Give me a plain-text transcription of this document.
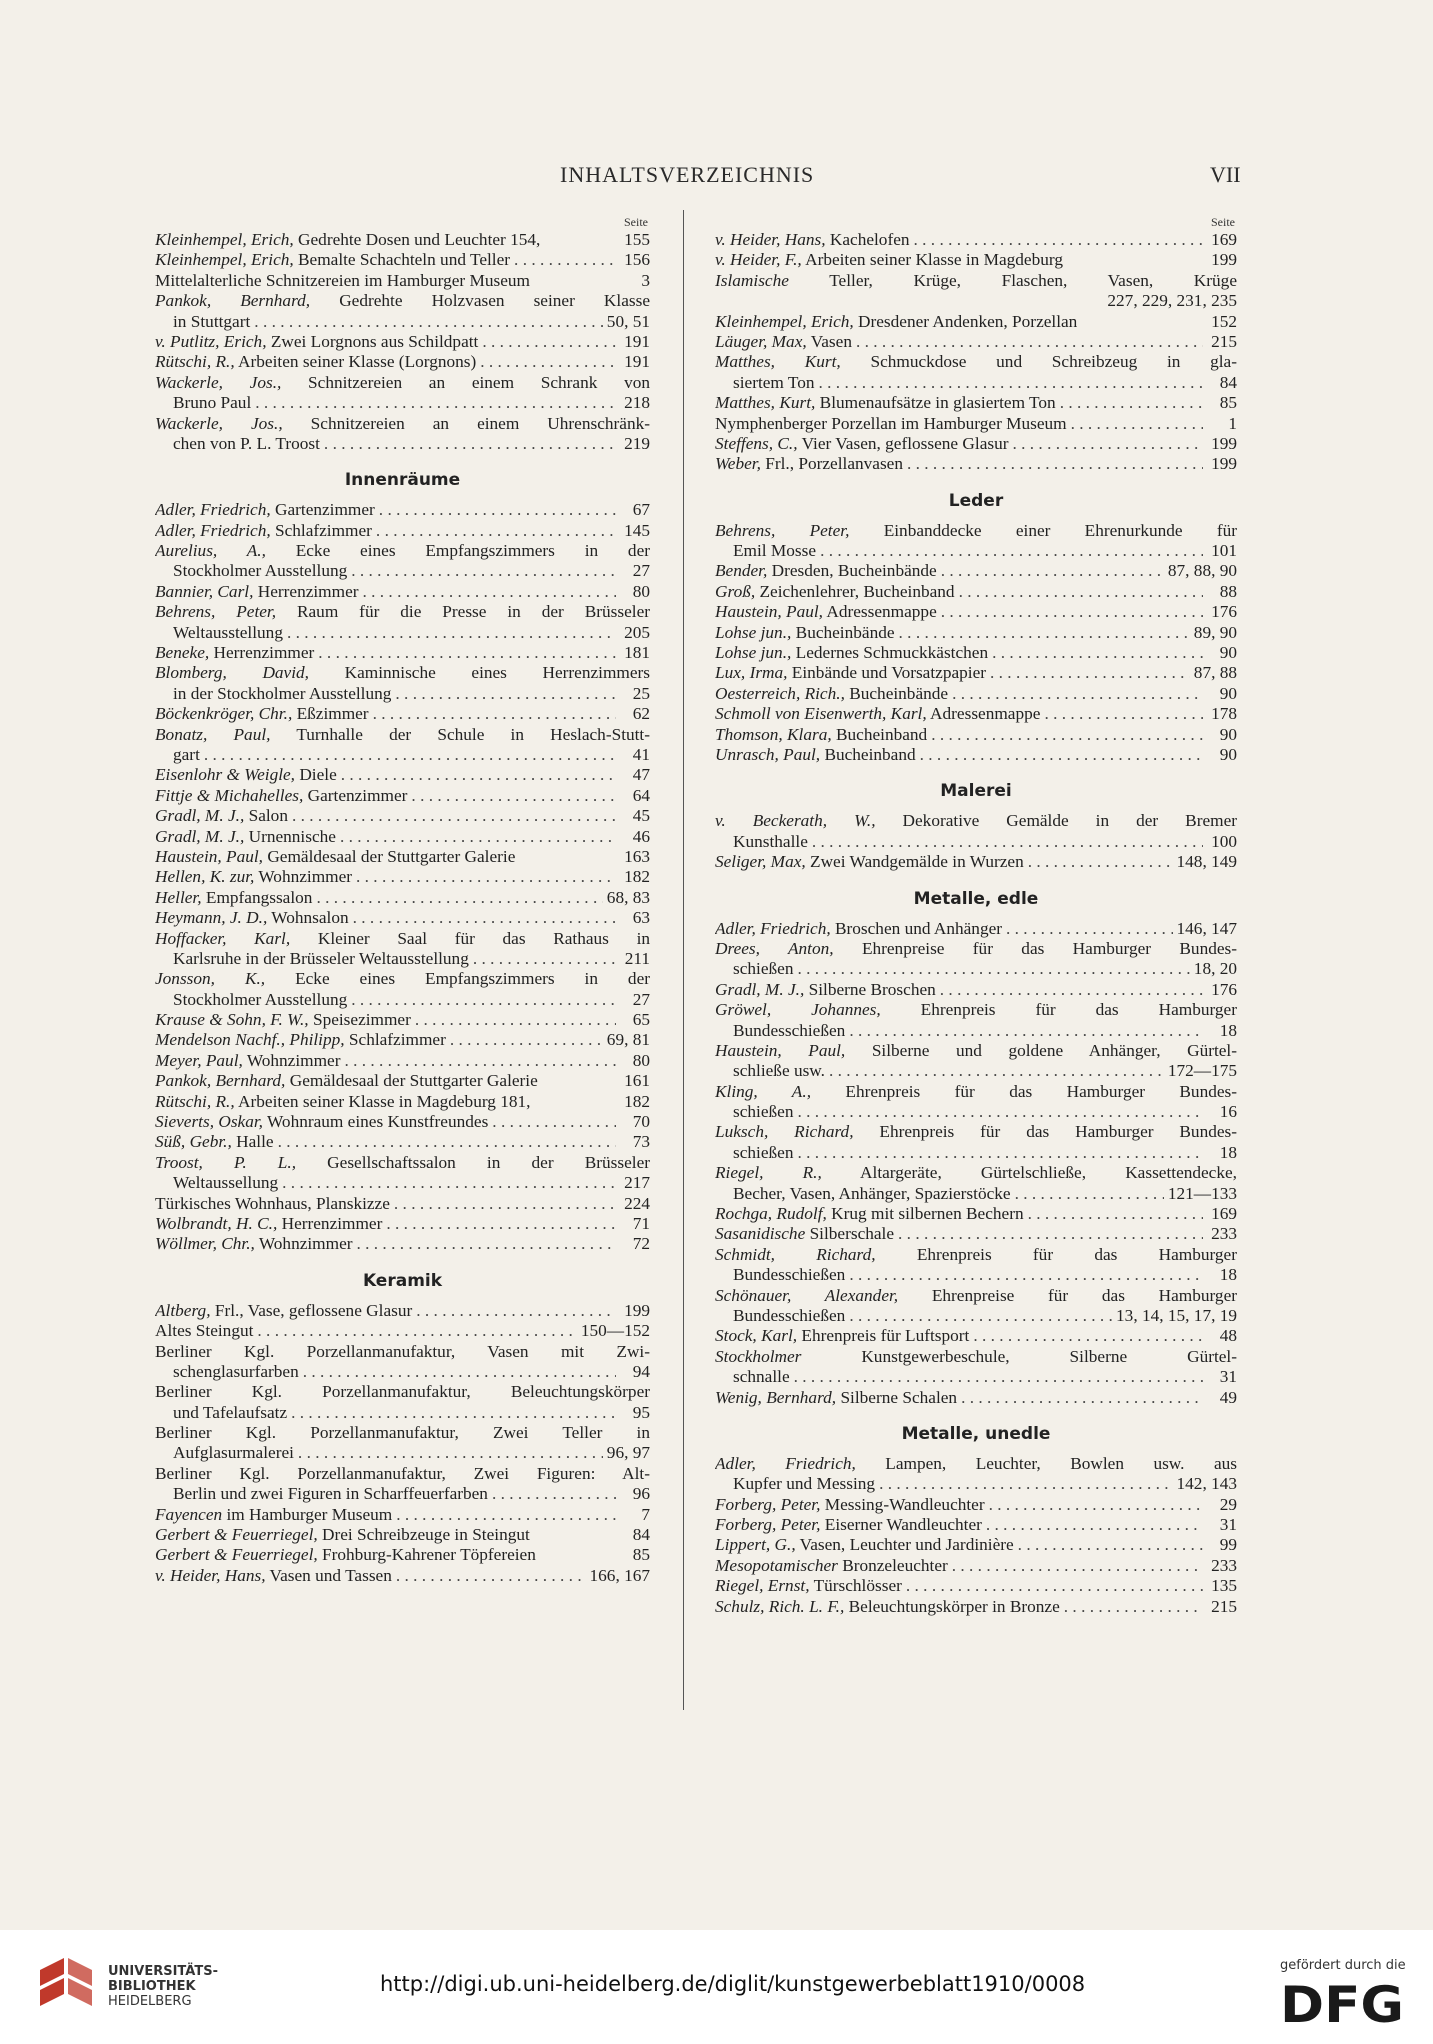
INHALTSVERZEICHNIS	VII
Seite
Kleinhempel, Erich, Gedrehte Dosen und Leuchter 154,	155
Kleinhempel, Erich, Bemalte Schachteln und Teller . . .	156
Mittelalterliche Schnitzereien im Hamburger Museum	3
Pankok, Bernhard, Gedrehte Holzvasen seiner Klasse
in Stuttgart . . .	50, 51
v. Putlitz, Erich, Zwei Lorgnons aus Schildpatt . . .	191
Rütschi, R., Arbeiten seiner Klasse (Lorgnons) . . .	191
Wackerle, Jos., Schnitzereien an einem Schrank von
Bruno Paul . . .	218
Wackerle, Jos., Schnitzereien an einem Uhrenschränk-
chen von P. L. Troost . . .	219
Innenräume
Adler, Friedrich, Gartenzimmer . . .	67
Adler, Friedrich, Schlafzimmer . . .	145
Aurelius, A., Ecke eines Empfangszimmers in der
Stockholmer Ausstellung . . .	27
Bannier, Carl, Herrenzimmer . . .	80
Behrens, Peter, Raum für die Presse in der Brüsseler
Weltausstellung . . .	205
Beneke, Herrenzimmer . . .	181
Blomberg, David, Kaminnische eines Herrenzimmers
in der Stockholmer Ausstellung . . .	25
Böckenkröger, Chr., Eßzimmer . . .	62
Bonatz, Paul, Turnhalle der Schule in Heslach-Stutt-
gart . . .	41
Eisenlohr & Weigle, Diele . . .	47
Fittje & Michahelles, Gartenzimmer . . .	64
Gradl, M. J., Salon . . .	45
Gradl, M. J., Urnennische . . .	46
Haustein, Paul, Gemäldesaal der Stuttgarter Galerie	163
Hellen, K. zur, Wohnzimmer . . .	182
Heller, Empfangssalon . . .	68, 83
Heymann, J. D., Wohnsalon . . .	63
Hoffacker, Karl, Kleiner Saal für das Rathaus in
Karlsruhe in der Brüsseler Weltausstellung . . .	211
Jonsson, K., Ecke eines Empfangszimmers in der
Stockholmer Ausstellung . . .	27
Krause & Sohn, F. W., Speisezimmer . . .	65
Mendelson Nachf., Philipp, Schlafzimmer . . .	69, 81
Meyer, Paul, Wohnzimmer . . .	80
Pankok, Bernhard, Gemäldesaal der Stuttgarter Galerie	161
Rütschi, R., Arbeiten seiner Klasse in Magdeburg 181,	182
Sieverts, Oskar, Wohnraum eines Kunstfreundes . . .	70
Süß, Gebr., Halle . . .	73
Troost, P. L., Gesellschaftssalon in der Brüsseler
Weltaussellung . . .	217
Türkisches Wohnhaus, Planskizze . . .	224
Wolbrandt, H. C., Herrenzimmer . . .	71
Wöllmer, Chr., Wohnzimmer . . .	72
Keramik
Altberg, Frl., Vase, geflossene Glasur . . .	199
Altes Steingut . . .	150—152
Berliner Kgl. Porzellanmanufaktur, Vasen mit Zwi-
schenglasurfarben . . .	94
Berliner Kgl. Porzellanmanufaktur, Beleuchtungskörper
und Tafelaufsatz . . .	95
Berliner Kgl. Porzellanmanufaktur, Zwei Teller in
Aufglasurmalerei . . .	96, 97
Berliner Kgl. Porzellanmanufaktur, Zwei Figuren: Alt-
Berlin und zwei Figuren in Scharffeuerfarben . . .	96
Fayencen im Hamburger Museum . . .	7
Gerbert & Feuerriegel, Drei Schreibzeuge in Steingut	84
Gerbert & Feuerriegel, Frohburg-Kahrener Töpfereien	85
v. Heider, Hans, Vasen und Tassen . . .	166, 167
Seite
v. Heider, Hans, Kachelofen . . .	169
v. Heider, F., Arbeiten seiner Klasse in Magdeburg	199
Islamische Teller, Krüge, Flaschen, Vasen, Krüge
227, 229, 231, 235
Kleinhempel, Erich, Dresdener Andenken, Porzellan	152
Läuger, Max, Vasen . . .	215
Matthes, Kurt, Schmuckdose und Schreibzeug in gla-
siertem Ton . . .	84
Matthes, Kurt, Blumenaufsätze in glasiertem Ton . . .	85
Nymphenberger Porzellan im Hamburger Museum . . .	1
Steffens, C., Vier Vasen, geflossene Glasur . . .	199
Weber, Frl., Porzellanvasen . . .	199
Leder
Behrens, Peter, Einbanddecke einer Ehrenurkunde für
Emil Mosse . . .	101
Bender, Dresden, Bucheinbände . . .	87, 88, 90
Groß, Zeichenlehrer, Bucheinband . . .	88
Haustein, Paul, Adressenmappe . . .	176
Lohse jun., Bucheinbände . . .	89, 90
Lohse jun., Ledernes Schmuckkästchen . . .	90
Lux, Irma, Einbände und Vorsatzpapier . . .	87, 88
Oesterreich, Rich., Bucheinbände . . .	90
Schmoll von Eisenwerth, Karl, Adressenmappe . . .	178
Thomson, Klara, Bucheinband . . .	90
Unrasch, Paul, Bucheinband . . .	90
Malerei
v. Beckerath, W., Dekorative Gemälde in der Bremer
Kunsthalle . . .	100
Seliger, Max, Zwei Wandgemälde in Wurzen . . .	148, 149
Metalle, edle
Adler, Friedrich, Broschen und Anhänger . . .	146, 147
Drees, Anton, Ehrenpreise für das Hamburger Bundes-
schießen . . .	18, 20
Gradl, M. J., Silberne Broschen . . .	176
Gröwel, Johannes, Ehrenpreis für das Hamburger
Bundesschießen . . .	18
Haustein, Paul, Silberne und goldene Anhänger, Gürtel-
schließe usw. . . .	172—175
Kling, A., Ehrenpreis für das Hamburger Bundes-
schießen . . .	16
Luksch, Richard, Ehrenpreis für das Hamburger Bundes-
schießen . . .	18
Riegel, R., Altargeräte, Gürtelschließe, Kassettendecke,
Becher, Vasen, Anhänger, Spazierstöcke . . .	121—133
Rochga, Rudolf, Krug mit silbernen Bechern . . .	169
Sasanidische Silberschale . . .	233
Schmidt, Richard, Ehrenpreis für das Hamburger
Bundesschießen . . .	18
Schönauer, Alexander, Ehrenpreise für das Hamburger
Bundesschießen . . .	13, 14, 15, 17, 19
Stock, Karl, Ehrenpreis für Luftsport . . .	48
Stockholmer Kunstgewerbeschule, Silberne Gürtel-
schnalle . . .	31
Wenig, Bernhard, Silberne Schalen . . .	49
Metalle, unedle
Adler, Friedrich, Lampen, Leuchter, Bowlen usw. aus
Kupfer und Messing . . .	142, 143
Forberg, Peter, Messing-Wandleuchter . . .	29
Forberg, Peter, Eiserner Wandleuchter . . .	31
Lippert, G., Vasen, Leuchter und Jardinière . . .	99
Mesopotamischer Bronzeleuchter . . .	233
Riegel, Ernst, Türschlösser . . .	135
Schulz, Rich. L. F., Beleuchtungskörper in Bronze . . .	215
UNIVERSITÄTS-
BIBLIOTHEK
HEIDELBERG
http://digi.ub.uni-heidelberg.de/diglit/kunstgewerbeblatt1910/0008
gefördert durch die
DFG
